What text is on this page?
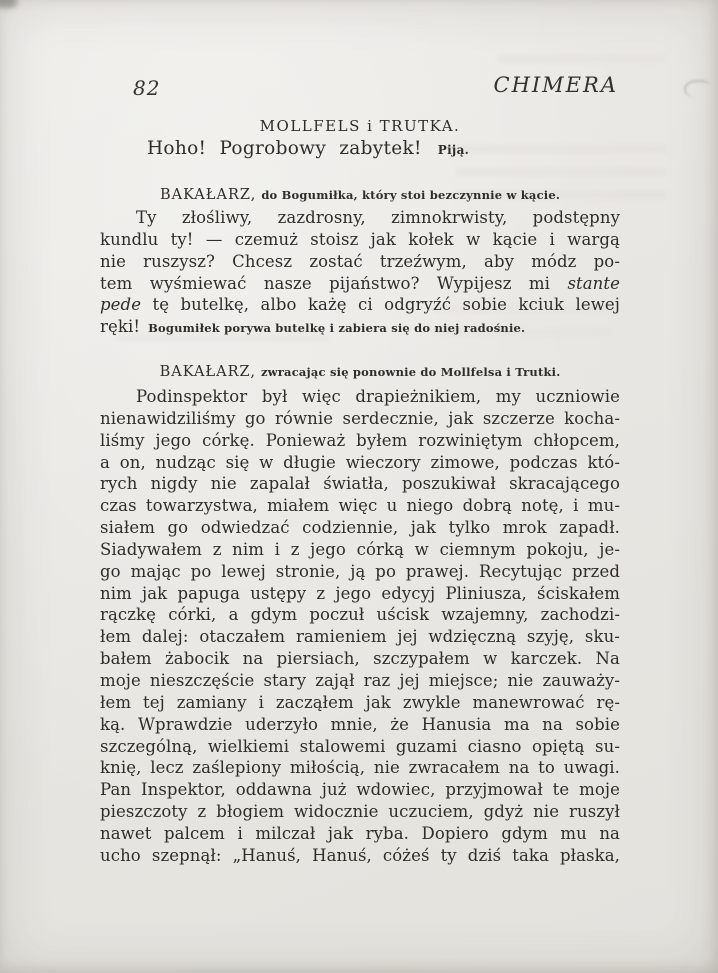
82	CHIMERA
MOLLFELS i TRUTKA.
Hoho! Pogrobowy zabytek! Piją.
BAKAŁARZ, do Bogumiłka, który stoi bezczynnie w kącie.
Ty złośliwy, zazdrosny, zimnokrwisty, podstępny
kundlu ty! — czemuż stoisz jak kołek w kącie i wargą
nie ruszysz? Chcesz zostać trzeźwym, aby módz po-
tem wyśmiewać nasze pijaństwo? Wypijesz mi stante
pede tę butelkę, albo każę ci odgryźć sobie kciuk lewej
ręki! Bogumiłek porywa butelkę i zabiera się do niej radośnie.
BAKAŁARZ, zwracając się ponownie do Mollfelsa i Trutki.
Podinspektor był więc drapieżnikiem, my uczniowie
nienawidziliśmy go równie serdecznie, jak szczerze kocha-
liśmy jego córkę. Ponieważ byłem rozwiniętym chłopcem,
a on, nudząc się w długie wieczory zimowe, podczas któ-
rych nigdy nie zapalał światła, poszukiwał skracającego
czas towarzystwa, miałem więc u niego dobrą notę, i mu-
siałem go odwiedzać codziennie, jak tylko mrok zapadł.
Siadywałem z nim i z jego córką w ciemnym pokoju, je-
go mając po lewej stronie, ją po prawej. Recytując przed
nim jak papuga ustępy z jego edycyj Pliniusza, ściskałem
rączkę córki, a gdym poczuł uścisk wzajemny, zachodzi-
łem dalej: otaczałem ramieniem jej wdzięczną szyję, sku-
bałem żabocik na piersiach, szczypałem w karczek. Na
moje nieszczęście stary zajął raz jej miejsce; nie zauważy-
łem tej zamiany i zacząłem jak zwykle manewrować rę-
ką. Wprawdzie uderzyło mnie, że Hanusia ma na sobie
szczególną, wielkiemi stalowemi guzami ciasno opiętą su-
knię, lecz zaślepiony miłością, nie zwracałem na to uwagi.
Pan Inspektor, oddawna już wdowiec, przyjmował te moje
pieszczoty z błogiem widocznie uczuciem, gdyż nie ruszył
nawet palcem i milczał jak ryba. Dopiero gdym mu na
ucho szepnął: „Hanuś, Hanuś, cóżeś ty dziś taka płaska,
